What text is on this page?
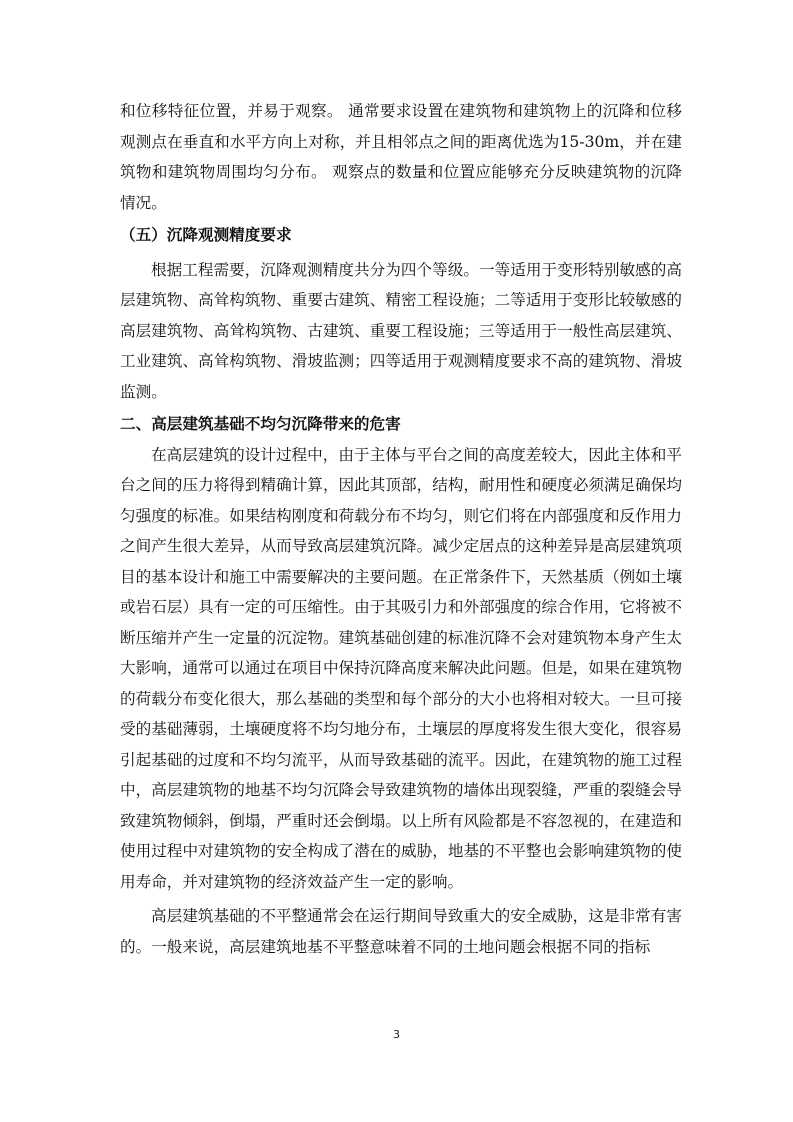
和位移特征位置，并易于观察。 通常要求设置在建筑物和建筑物上的沉降和位移观测点在垂直和水平方向上对称，并且相邻点之间的距离优选为15-30m，并在建筑物和建筑物周围均匀分布。 观察点的数量和位置应能够充分反映建筑物的沉降情况。

（五）沉降观测精度要求

根据工程需要，沉降观测精度共分为四个等级。一等适用于变形特别敏感的高层建筑物、高耸构筑物、重要古建筑、精密工程设施；二等适用于变形比较敏感的高层建筑物、高耸构筑物、古建筑、重要工程设施；三等适用于一般性高层建筑、工业建筑、高耸构筑物、滑坡监测；四等适用于观测精度要求不高的建筑物、滑坡监测。

二、高层建筑基础不均匀沉降带来的危害

在高层建筑的设计过程中，由于主体与平台之间的高度差较大，因此主体和平台之间的压力将得到精确计算，因此其顶部，结构，耐用性和硬度必须满足确保均匀强度的标准。如果结构刚度和荷载分布不均匀，则它们将在内部强度和反作用力之间产生很大差异，从而导致高层建筑沉降。减少定居点的这种差异是高层建筑项目的基本设计和施工中需要解决的主要问题。在正常条件下，天然基质（例如土壤或岩石层）具有一定的可压缩性。由于其吸引力和外部强度的综合作用，它将被不断压缩并产生一定量的沉淀物。建筑基础创建的标准沉降不会对建筑物本身产生太大影响，通常可以通过在项目中保持沉降高度来解决此问题。但是，如果在建筑物的荷载分布变化很大，那么基础的类型和每个部分的大小也将相对较大。一旦可接受的基础薄弱，土壤硬度将不均匀地分布，土壤层的厚度将发生很大变化，很容易引起基础的过度和不均匀流平，从而导致基础的流平。因此，在建筑物的施工过程中，高层建筑物的地基不均匀沉降会导致建筑物的墙体出现裂缝，严重的裂缝会导致建筑物倾斜，倒塌，严重时还会倒塌。以上所有风险都是不容忽视的，在建造和使用过程中对建筑物的安全构成了潜在的威胁，地基的不平整也会影响建筑物的使用寿命，并对建筑物的经济效益产生一定的影响。

高层建筑基础的不平整通常会在运行期间导致重大的安全威胁，这是非常有害的。一般来说，高层建筑地基不平整意味着不同的土地问题会根据不同的指标

3
